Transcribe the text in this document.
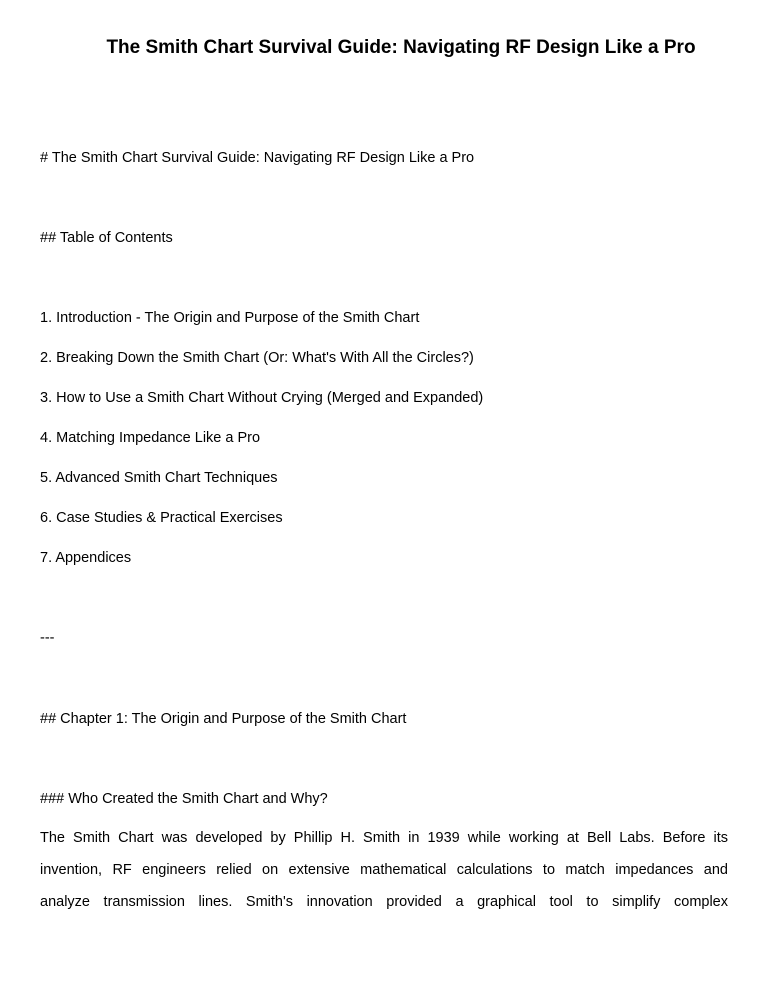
The Smith Chart Survival Guide: Navigating RF Design Like a Pro
# The Smith Chart Survival Guide: Navigating RF Design Like a Pro
## Table of Contents
1. Introduction - The Origin and Purpose of the Smith Chart
2. Breaking Down the Smith Chart (Or: What's With All the Circles?)
3. How to Use a Smith Chart Without Crying (Merged and Expanded)
4. Matching Impedance Like a Pro
5. Advanced Smith Chart Techniques
6. Case Studies & Practical Exercises
7. Appendices
---
## Chapter 1: The Origin and Purpose of the Smith Chart
### Who Created the Smith Chart and Why?
The Smith Chart was developed by Phillip H. Smith in 1939 while working at Bell Labs. Before its
invention, RF engineers relied on extensive mathematical calculations to match impedances and
analyze transmission lines. Smith's innovation provided a graphical tool to simplify complex
